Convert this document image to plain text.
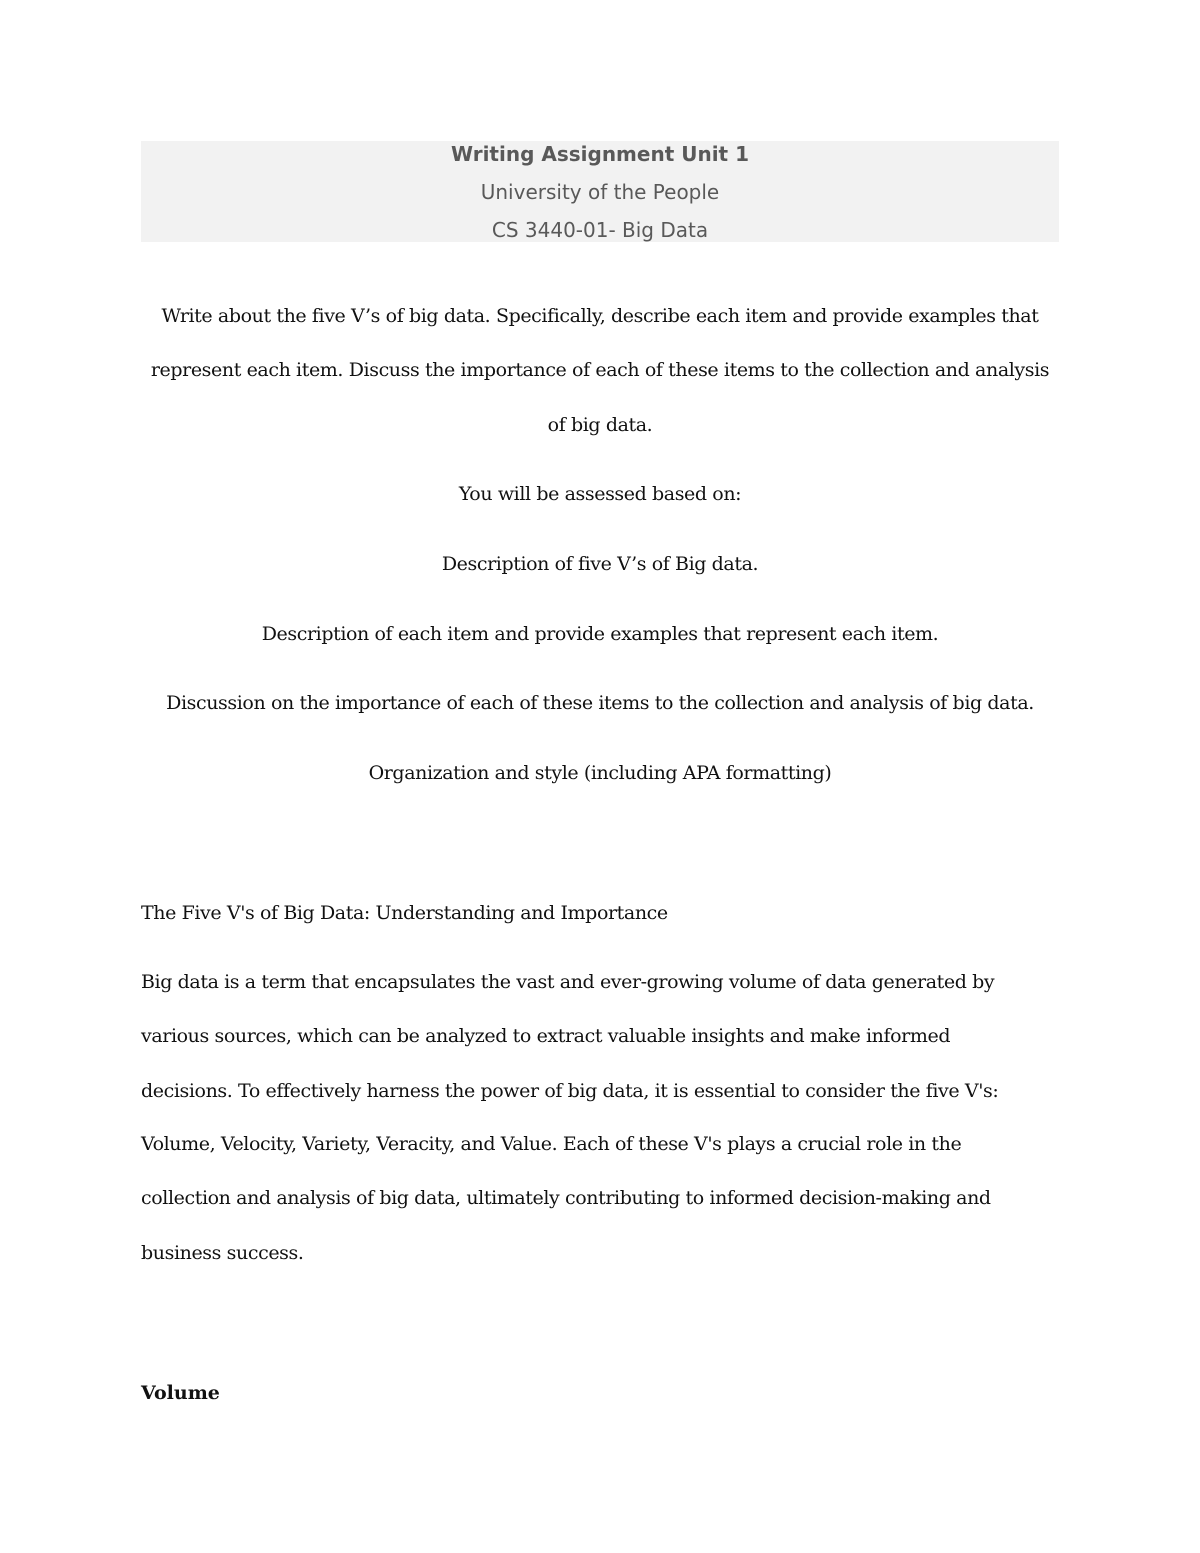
Writing Assignment Unit 1
University of the People
CS 3440-01- Big Data
Write about the five V’s of big data. Specifically, describe each item and provide examples that
represent each item. Discuss the importance of each of these items to the collection and analysis
of big data.
You will be assessed based on:
Description of five V’s of Big data.
Description of each item and provide examples that represent each item.
Discussion on the importance of each of these items to the collection and analysis of big data.
Organization and style (including APA formatting)
The Five V's of Big Data: Understanding and Importance
Big data is a term that encapsulates the vast and ever-growing volume of data generated by
various sources, which can be analyzed to extract valuable insights and make informed
decisions. To effectively harness the power of big data, it is essential to consider the five V's:
Volume, Velocity, Variety, Veracity, and Value. Each of these V's plays a crucial role in the
collection and analysis of big data, ultimately contributing to informed decision-making and
business success.
Volume
